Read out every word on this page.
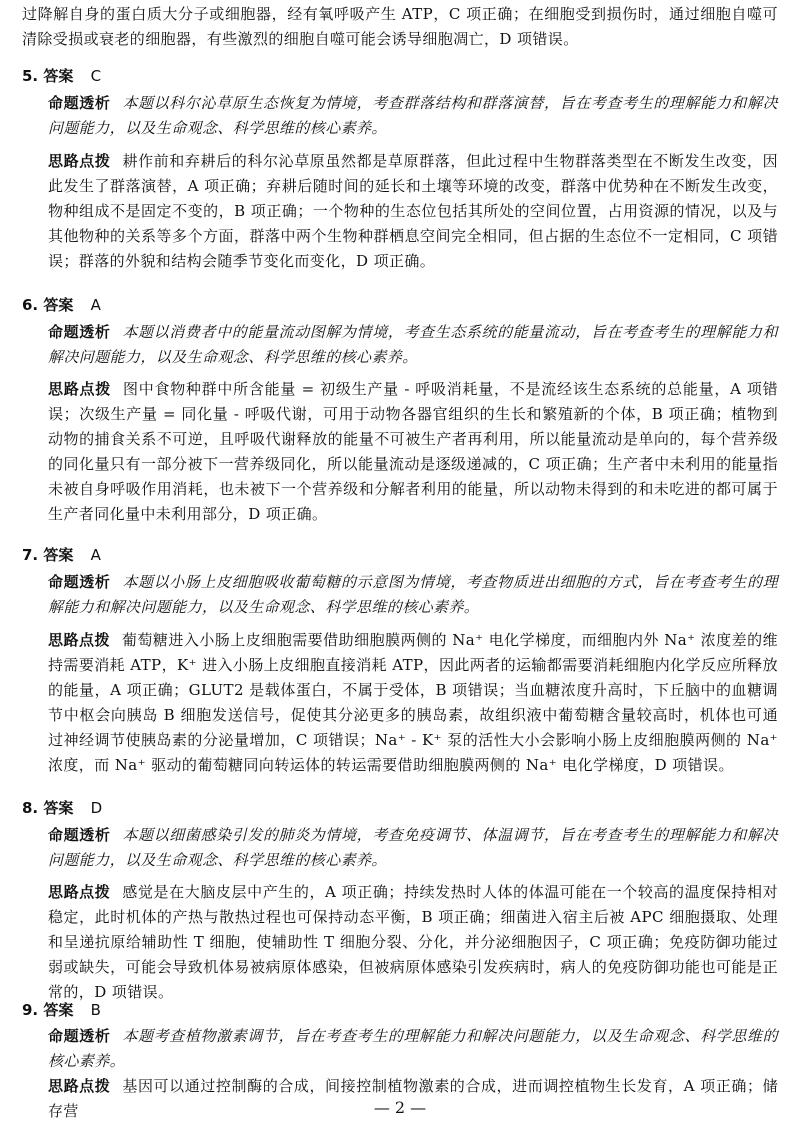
过降解自身的蛋白质大分子或细胞器，经有氧呼吸产生 ATP，C 项正确；在细胞受到损伤时，通过细胞自噬可清除受损或衰老的细胞器，有些激烈的细胞自噬可能会诱导细胞凋亡，D 项错误。

5. 答案 C

命题透析 本题以科尔沁草原生态恢复为情境，考查群落结构和群落演替，旨在考查考生的理解能力和解决问题能力，以及生命观念、科学思维的核心素养。

思路点拨 耕作前和弃耕后的科尔沁草原虽然都是草原群落，但此过程中生物群落类型在不断发生改变，因此发生了群落演替，A 项正确；弃耕后随时间的延长和土壤等环境的改变，群落中优势种在不断发生改变，物种组成不是固定不变的，B 项正确；一个物种的生态位包括其所处的空间位置，占用资源的情况，以及与其他物种的关系等多个方面，群落中两个生物种群栖息空间完全相同，但占据的生态位不一定相同，C 项错误；群落的外貌和结构会随季节变化而变化，D 项正确。

6. 答案 A

命题透析 本题以消费者中的能量流动图解为情境，考查生态系统的能量流动，旨在考查考生的理解能力和解决问题能力，以及生命观念、科学思维的核心素养。

思路点拨 图中食物种群中所含能量 = 初级生产量 - 呼吸消耗量，不是流经该生态系统的总能量，A 项错误；次级生产量 = 同化量 - 呼吸代谢，可用于动物各器官组织的生长和繁殖新的个体，B 项正确；植物到动物的捕食关系不可逆，且呼吸代谢释放的能量不可被生产者再利用，所以能量流动是单向的，每个营养级的同化量只有一部分被下一营养级同化，所以能量流动是逐级递减的，C 项正确；生产者中未利用的能量指未被自身呼吸作用消耗，也未被下一个营养级和分解者利用的能量，所以动物未得到的和未吃进的都可属于生产者同化量中未利用部分，D 项正确。

7. 答案 A

命题透析 本题以小肠上皮细胞吸收葡萄糖的示意图为情境，考查物质进出细胞的方式，旨在考查考生的理解能力和解决问题能力，以及生命观念、科学思维的核心素养。

思路点拨 葡萄糖进入小肠上皮细胞需要借助细胞膜两侧的 Na⁺ 电化学梯度，而细胞内外 Na⁺ 浓度差的维持需要消耗 ATP，K⁺ 进入小肠上皮细胞直接消耗 ATP，因此两者的运输都需要消耗细胞内化学反应所释放的能量，A 项正确；GLUT2 是载体蛋白，不属于受体，B 项错误；当血糖浓度升高时，下丘脑中的血糖调节中枢会向胰岛 B 细胞发送信号，促使其分泌更多的胰岛素，故组织液中葡萄糖含量较高时，机体也可通过神经调节使胰岛素的分泌量增加，C 项错误；Na⁺ - K⁺ 泵的活性大小会影响小肠上皮细胞膜两侧的 Na⁺ 浓度，而 Na⁺ 驱动的葡萄糖同向转运体的转运需要借助细胞膜两侧的 Na⁺ 电化学梯度，D 项错误。

8. 答案 D

命题透析 本题以细菌感染引发的肺炎为情境，考查免疫调节、体温调节，旨在考查考生的理解能力和解决问题能力，以及生命观念、科学思维的核心素养。

思路点拨 感觉是在大脑皮层中产生的，A 项正确；持续发热时人体的体温可能在一个较高的温度保持相对稳定，此时机体的产热与散热过程也可保持动态平衡，B 项正确；细菌进入宿主后被 APC 细胞摄取、处理和呈递抗原给辅助性 T 细胞，使辅助性 T 细胞分裂、分化，并分泌细胞因子，C 项正确；免疫防御功能过弱或缺失，可能会导致机体易被病原体感染，但被病原体感染引发疾病时，病人的免疫防御功能也可能是正常的，D 项错误。

9. 答案 B

命题透析 本题考查植物激素调节，旨在考查考生的理解能力和解决问题能力，以及生命观念、科学思维的核心素养。

思路点拨 基因可以通过控制酶的合成，间接控制植物激素的合成，进而调控植物生长发育，A 项正确；储存营	— 2 —
